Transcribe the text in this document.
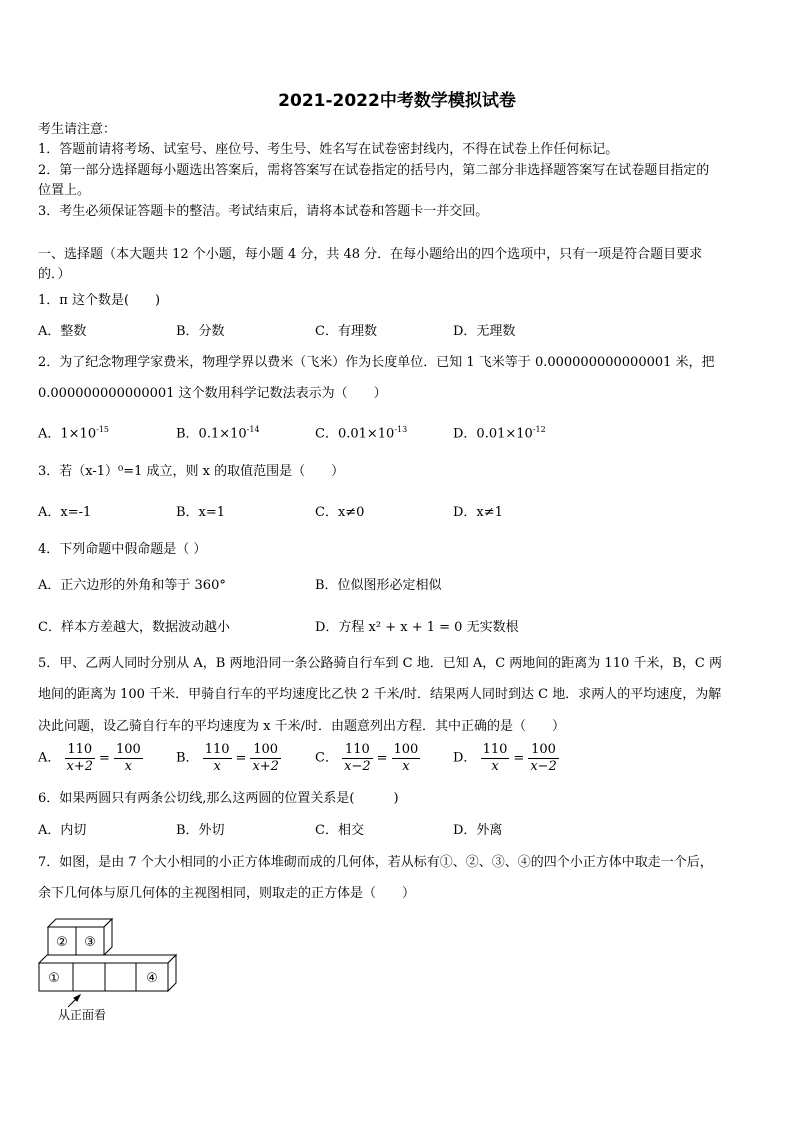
2021-2022中考数学模拟试卷
考生请注意：
1．答题前请将考场、试室号、座位号、考生号、姓名写在试卷密封线内，不得在试卷上作任何标记。
2．第一部分选择题每小题选出答案后，需将答案写在试卷指定的括号内，第二部分非选择题答案写在试卷题目指定的
位置上。
3．考生必须保证答题卡的整洁。考试结束后，请将本试卷和答题卡一并交回。
一、选择题（本大题共 12 个小题，每小题 4 分，共 48 分．在每小题给出的四个选项中，只有一项是符合题目要求
的．）
1．π 这个数是(　　)
A．整数	B．分数	C．有理数	D．无理数
2．为了纪念物理学家费米，物理学界以费米（飞米）作为长度单位．已知 1 飞米等于 0.000000000000001 米，把
0.000000000000001 这个数用科学记数法表示为（　　）
A．$1\times 10^{-15}$	B．$0.1\times 10^{-14}$	C．$0.01\times 10^{-13}$	D．$0.01\times 10^{-12}$
3．若（x-1）⁰=1 成立，则 x 的取值范围是（　　）
A．x=-1	B．x=1	C．x≠0	D．x≠1
4．下列命题中假命题是（ ）
A．正六边形的外角和等于 360°	B．位似图形必定相似
C．样本方差越大，数据波动越小	D．方程 x² + x + 1 = 0 无实数根
5．甲、乙两人同时分别从 A，B 两地沿同一条公路骑自行车到 C 地．已知 A，C 两地间的距离为 110 千米，B，C 两
地间的距离为 100 千米．甲骑自行车的平均速度比乙快 2 千米/时．结果两人同时到达 C 地．求两人的平均速度，为解
决此问题，设乙骑自行车的平均速度为 x 千米/时．由题意列出方程．其中正确的是（　　）
A． $\frac{110}{x+2} = \frac{100}{x}$	B． $\frac{110}{x} = \frac{100}{x+2}$	C． $\frac{110}{x-2} = \frac{100}{x}$	D． $\frac{110}{x} = \frac{100}{x-2}$
6．如果两圆只有两条公切线,那么这两圆的位置关系是(　　　)
A．内切	B．外切	C．相交	D．外离
7．如图，是由 7 个大小相同的小正方体堆砌而成的几何体，若从标有①、②、③、④的四个小正方体中取走一个后，
余下几何体与原几何体的主视图相同，则取走的正方体是（　　）
② ③
①	④
从正面看
